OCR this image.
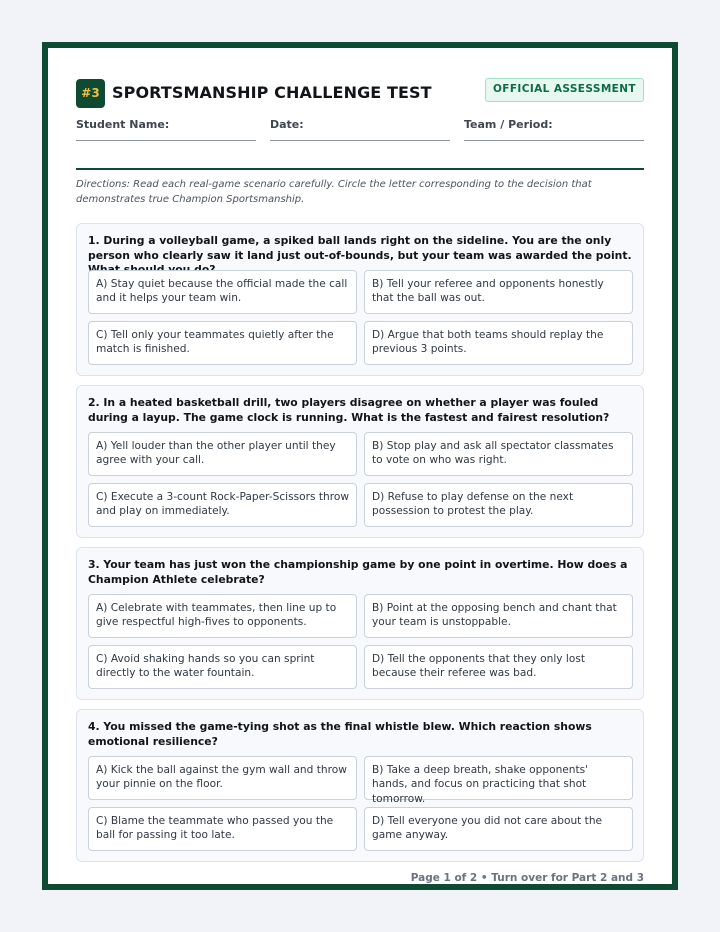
#3 SPORTSMANSHIP CHALLENGE TEST	OFFICIAL ASSESSMENT
Student Name:	Date:	Team / Period:
Directions: Read each real-game scenario carefully. Circle the letter corresponding to the decision that demonstrates true Champion Sportsmanship.
1. During a volleyball game, a spiked ball lands right on the sideline. You are the only person who clearly saw it land just out-of-bounds, but your team was awarded the point.
A) Stay quiet because the official made the call and it helps your team win.
B) Tell your referee and opponents honestly that the ball was out.
C) Tell only your teammates quietly after the match is finished.
D) Argue that both teams should replay the previous 3 points.
2. In a heated basketball drill, two players disagree on whether a player was fouled during a layup. The game clock is running. What is the fastest and fairest resolution?
A) Yell louder than the other player until they agree with your call.
B) Stop play and ask all spectator classmates to vote on who was right.
C) Execute a 3-count Rock-Paper-Scissors throw and play on immediately.
D) Refuse to play defense on the next possession to protest the play.
3. Your team has just won the championship game by one point in overtime. How does a Champion Athlete celebrate?
A) Celebrate with teammates, then line up to give respectful high-fives to opponents.
B) Point at the opposing bench and chant that your team is unstoppable.
C) Avoid shaking hands so you can sprint directly to the water fountain.
D) Tell the opponents that they only lost because their referee was bad.
4. You missed the game-tying shot as the final whistle blew. Which reaction shows emotional resilience?
A) Kick the ball against the gym wall and throw your pinnie on the floor.
B) Take a deep breath, shake opponents' hands, and focus on practicing that shot tomorrow.
C) Blame the teammate who passed you the ball for passing it too late.
D) Tell everyone you did not care about the game anyway.
Page 1 of 2 • Turn over for Part 2 and 3
